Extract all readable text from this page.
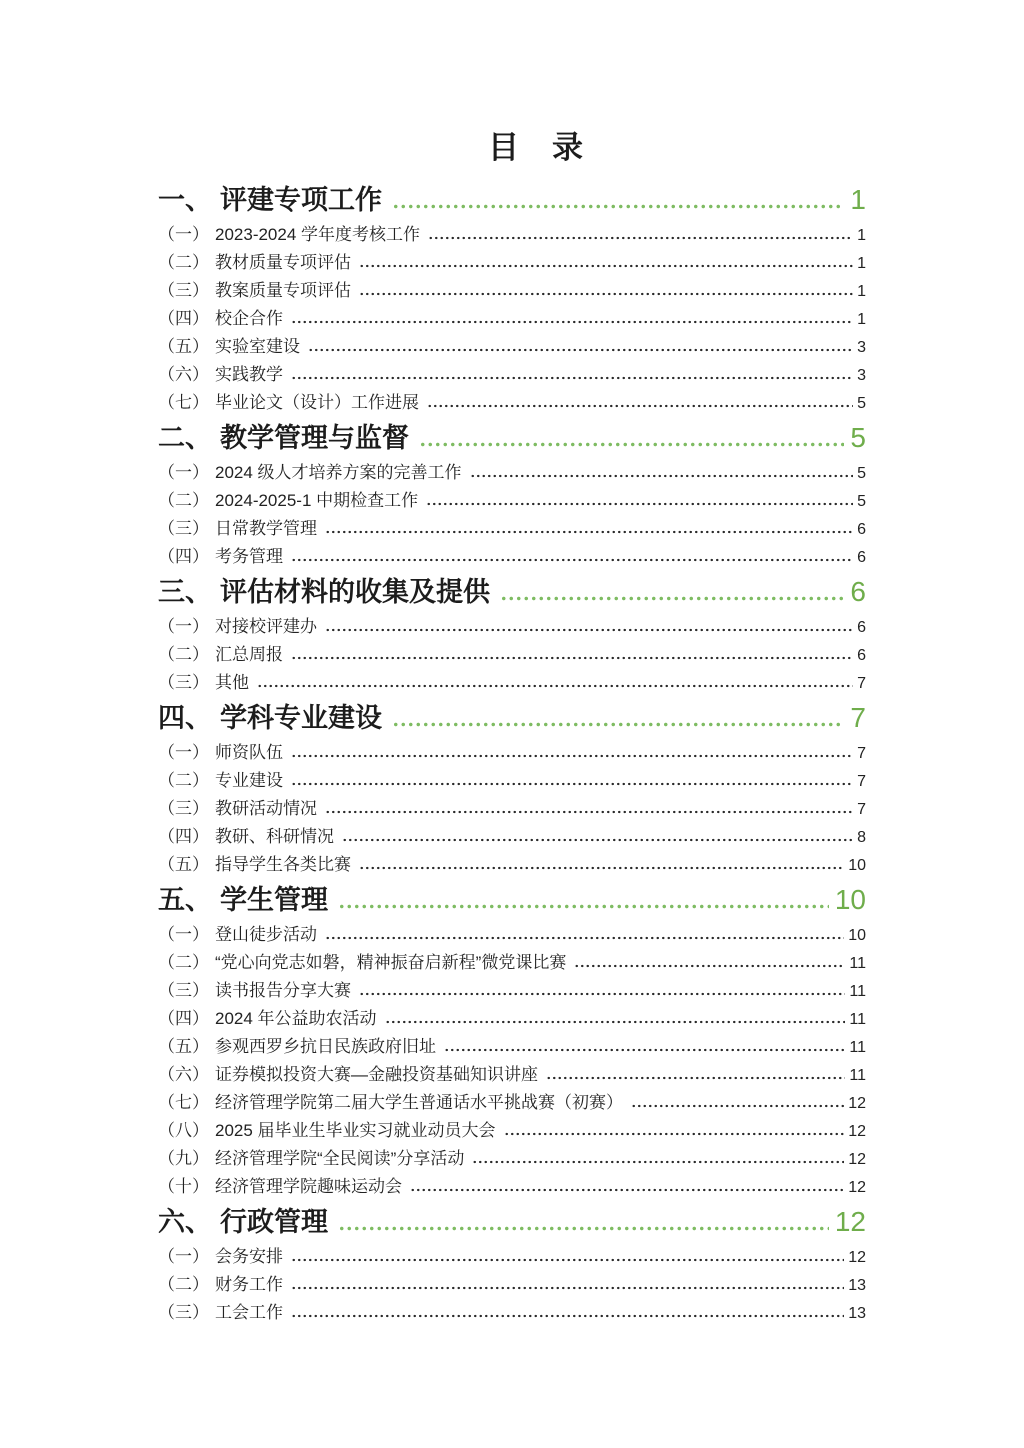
目　录
一、 评建专项工作	1
（一） 2023-2024 学年度考核工作	1
（二） 教材质量专项评估	1
（三） 教案质量专项评估	1
（四） 校企合作	1
（五） 实验室建设	3
（六） 实践教学	3
（七） 毕业论文（设计）工作进展	5
二、 教学管理与监督	5
（一） 2024 级人才培养方案的完善工作	5
（二） 2024-2025-1 中期检查工作	5
（三） 日常教学管理	6
（四） 考务管理	6
三、 评估材料的收集及提供	6
（一） 对接校评建办	6
（二） 汇总周报	6
（三） 其他	7
四、 学科专业建设	7
（一） 师资队伍	7
（二） 专业建设	7
（三） 教研活动情况	7
（四） 教研、科研情况	8
（五） 指导学生各类比赛	10
五、 学生管理	10
（一） 登山徒步活动	10
（二） “党心向党志如磐，精神振奋启新程”微党课比赛	11
（三） 读书报告分享大赛	11
（四） 2024 年公益助农活动	11
（五） 参观西罗乡抗日民族政府旧址	11
（六） 证券模拟投资大赛—金融投资基础知识讲座	11
（七） 经济管理学院第二届大学生普通话水平挑战赛（初赛）	12
（八） 2025 届毕业生毕业实习就业动员大会	12
（九） 经济管理学院“全民阅读”分享活动	12
（十） 经济管理学院趣味运动会	12
六、 行政管理	12
（一） 会务安排	12
（二） 财务工作	13
（三） 工会工作	13
